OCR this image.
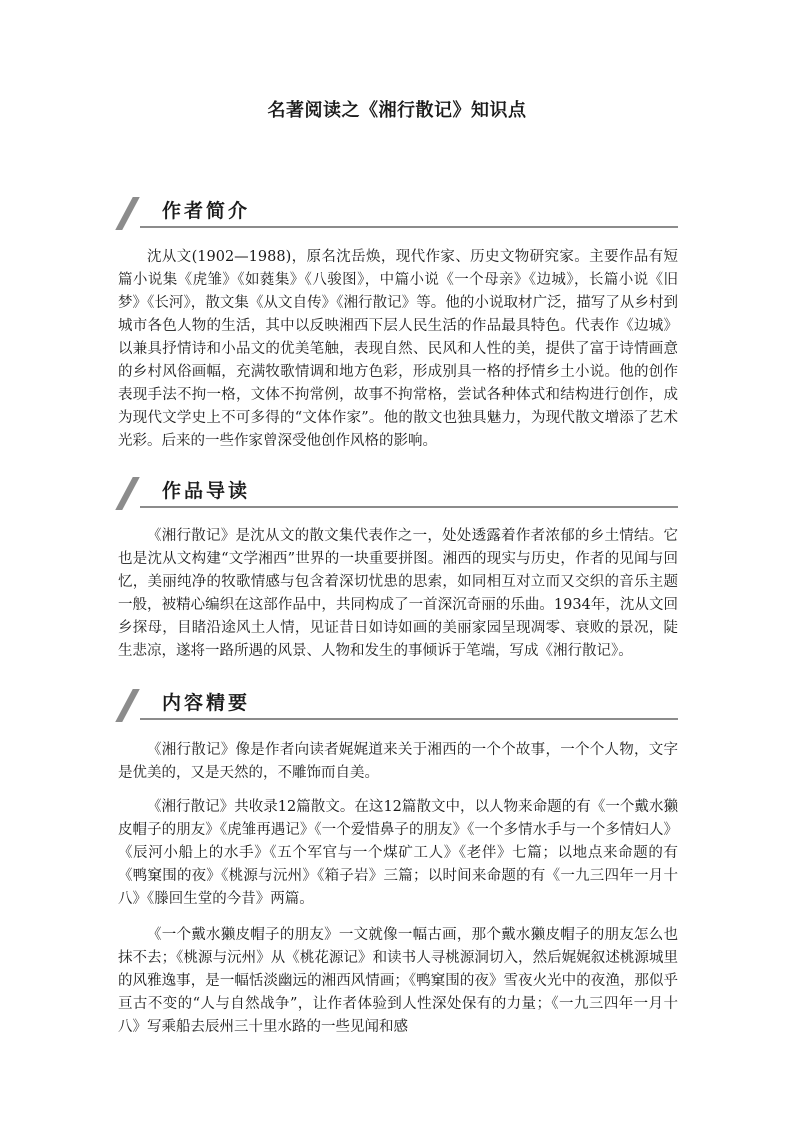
名著阅读之《湘行散记》知识点
作者简介

沈从文(1902—1988)，原名沈岳焕，现代作家、历史文物研究家。主要作品有短篇小说集《虎雏》《如蕤集》《八骏图》，中篇小说《一个母亲》《边城》，长篇小说《旧梦》《长河》，散文集《从文自传》《湘行散记》等。他的小说取材广泛，描写了从乡村到城市各色人物的生活，其中以反映湘西下层人民生活的作品最具特色。代表作《边城》以兼具抒情诗和小品文的优美笔触，表现自然、民风和人性的美，提供了富于诗情画意的乡村风俗画幅，充满牧歌情调和地方色彩，形成别具一格的抒情乡土小说。他的创作表现手法不拘一格，文体不拘常例，故事不拘常格，尝试各种体式和结构进行创作，成为现代文学史上不可多得的“文体作家”。他的散文也独具魅力，为现代散文增添了艺术光彩。后来的一些作家曾深受他创作风格的影响。

作品导读

《湘行散记》是沈从文的散文集代表作之一，处处透露着作者浓郁的乡土情结。它也是沈从文构建“文学湘西”世界的一块重要拼图。湘西的现实与历史，作者的见闻与回忆，美丽纯净的牧歌情感与包含着深切忧患的思索，如同相互对立而又交织的音乐主题一般，被精心编织在这部作品中，共同构成了一首深沉奇丽的乐曲。1934年，沈从文回乡探母，目睹沿途风土人情，见证昔日如诗如画的美丽家园呈现凋零、衰败的景况，陡生悲凉，遂将一路所遇的风景、人物和发生的事倾诉于笔端，写成《湘行散记》。

内容精要

《湘行散记》像是作者向读者娓娓道来关于湘西的一个个故事，一个个人物，文字是优美的，又是天然的，不雕饰而自美。

《湘行散记》共收录12篇散文。在这12篇散文中，以人物来命题的有《一个戴水獭皮帽子的朋友》《虎雏再遇记》《一个爱惜鼻子的朋友》《一个多情水手与一个多情妇人》《辰河小船上的水手》《五个军官与一个煤矿工人》《老伴》七篇；以地点来命题的有《鸭窠围的夜》《桃源与沅州》《箱子岩》三篇；以时间来命题的有《一九三四年一月十八》《滕回生堂的今昔》两篇。

《一个戴水獭皮帽子的朋友》一文就像一幅古画，那个戴水獭皮帽子的朋友怎么也抹不去；《桃源与沅州》从《桃花源记》和读书人寻桃源洞切入，然后娓娓叙述桃源城里的风雅逸事，是一幅恬淡幽远的湘西风情画；《鸭窠围的夜》雪夜火光中的夜渔，那似乎亘古不变的“人与自然战争”，让作者体验到人性深处保有的力量；《一九三四年一月十八》写乘船去辰州三十里水路的一些见闻和感
